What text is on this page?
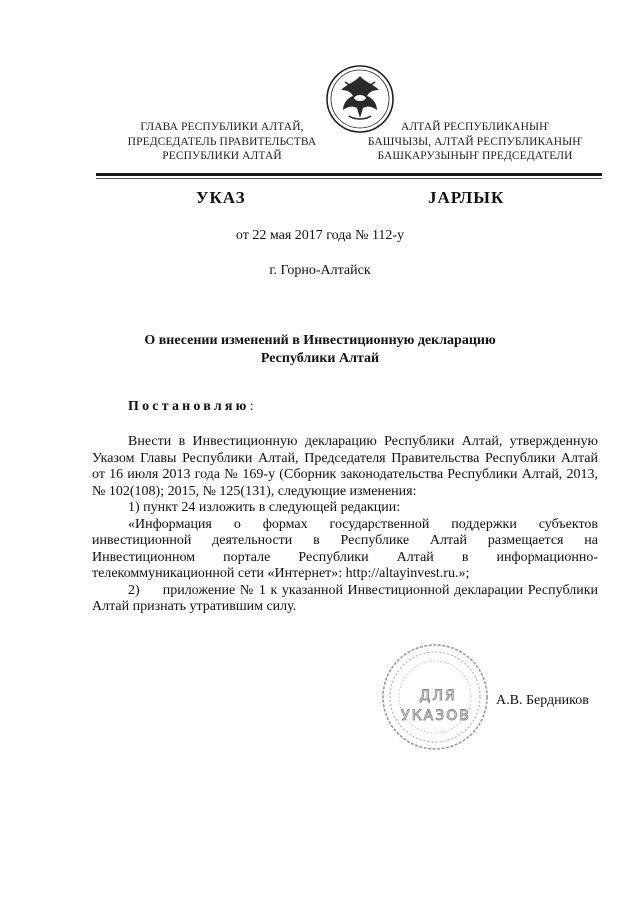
ГЛАВА РЕСПУБЛИКИ АЛТАЙ,
ПРЕДСЕДАТЕЛЬ ПРАВИТЕЛЬСТВА
РЕСПУБЛИКИ АЛТАЙ
АЛТАЙ РЕСПУБЛИКАНЫҤ
БАШЧЫЗЫ, АЛТАЙ РЕСПУБЛИКАНЫҤ
БАШКАРУЗЫНЫҤ ПРЕДСЕДАТЕЛИ
УКАЗ	JАРЛЫК
от 22 мая 2017 года № 112-у
г. Горно-Алтайск
О внесении изменений в Инвестиционную декларацию
Республики Алтай
Постановляю:

Внести в Инвестиционную декларацию Республики Алтай, утвержденную Указом Главы Республики Алтай, Председателя Правительства Республики Алтай от 16 июля 2013 года № 169-у (Сборник законодательства Республики Алтай, 2013, № 102(108); 2015, № 125(131), следующие изменения:

1) пункт 24 изложить в следующей редакции:

«Информация о формах государственной поддержки субъектов инвестиционной деятельности в Республике Алтай размещается на Инвестиционном портале Республики Алтай в информационно-телекоммуникационной сети «Интернет»: http://altayinvest.ru.»;

2) приложение № 1 к указанной Инвестиционной декларации Республики Алтай признать утратившим силу.

ДЛЯ
УКАЗОВ
А.В. Бердников
